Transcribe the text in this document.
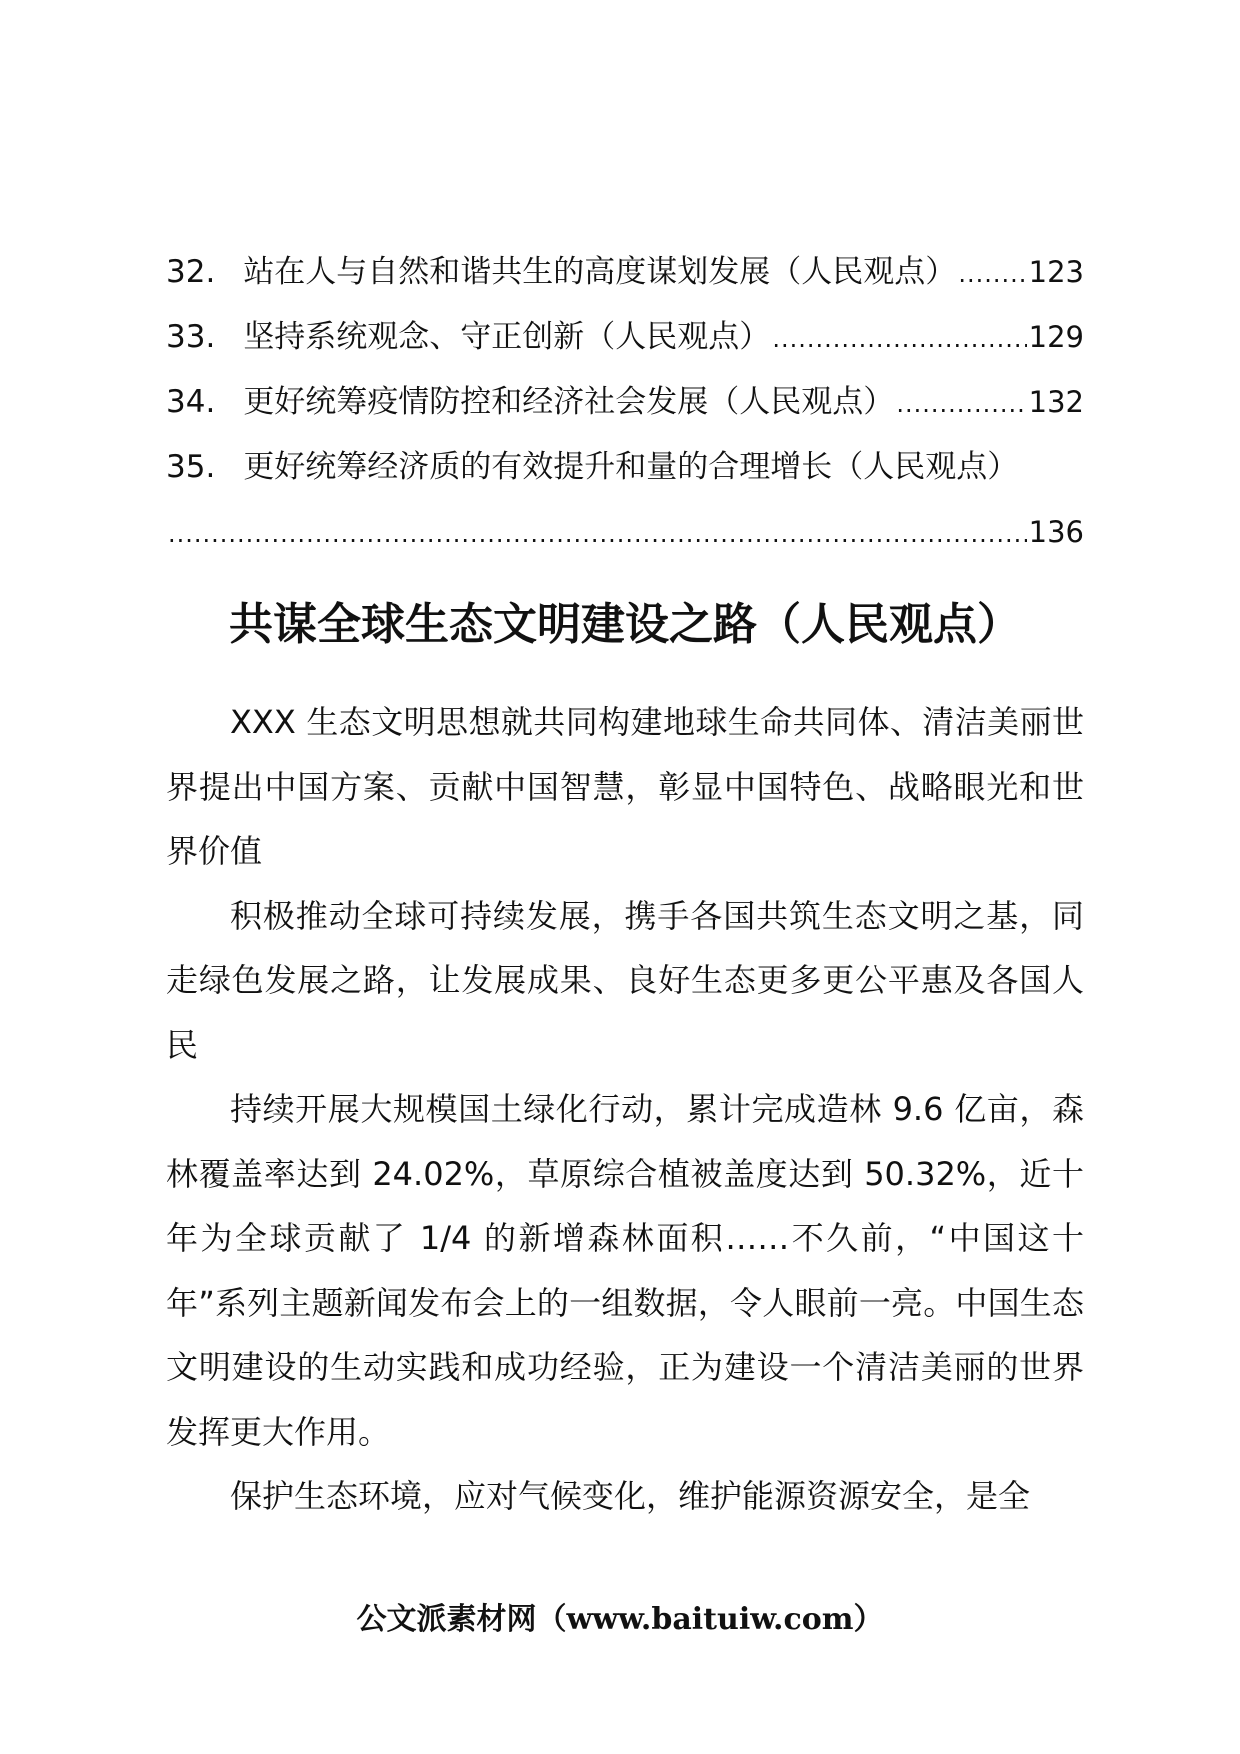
32. 站在人与自然和谐共生的高度谋划发展（人民观点） ..... 123
33. 坚持系统观念、守正创新（人民观点） .....	129
34. 更好统筹疫情防控和经济社会发展（人民观点） .....	132
35. 更好统筹经济质的有效提升和量的合理增长（人民观点）
.....
136
共谋全球生态文明建设之路（人民观点）

XXX 生态文明思想就共同构建地球生命共同体、清洁美丽世界提出中国方案、贡献中国智慧，彰显中国特色、战略眼光和世界价值

积极推动全球可持续发展，携手各国共筑生态文明之基，同走绿色发展之路，让发展成果、良好生态更多更公平惠及各国人民

持续开展大规模国土绿化行动，累计完成造林 9.6 亿亩，森林覆盖率达到 24.02%，草原综合植被盖度达到 50.32%，近十年为全球贡献了 1/4 的新增森林面积……不久前，“中国这十年”系列主题新闻发布会上的一组数据，令人眼前一亮。中国生态文明建设的生动实践和成功经验，正为建设一个清洁美丽的世界发挥更大作用。

保护生态环境，应对气候变化，维护能源资源安全，是全

公文派素材网（www.baituiw.com）
